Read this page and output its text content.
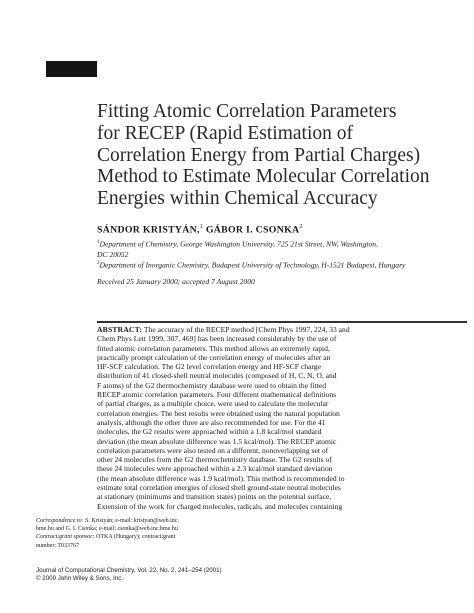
Fitting Atomic Correlation Parameters
for RECEP (Rapid Estimation of
Correlation Energy from Partial Charges)
Method to Estimate Molecular Correlation
Energies within Chemical Accuracy
SÁNDOR KRISTYÁN,$^1$ GÁBOR I. CSONKA$^2$
$^1$Department of Chemistry, George Washington University, 725 21st Street, NW, Washington,
DC 20052
$^2$Department of Inorganic Chemistry, Budapest University of Technology, H-1521 Budapest, Hungary
Received 25 January 2000; accepted 7 August 2000
ABSTRACT: The accuracy of the RECEP method [Chem Phys 1997, 224, 33 and
Chem Phys Lett 1999, 307, 469] has been increased considerably by the use of
fitted atomic correlation parameters. This method allows an extremely rapid,
practically prompt calculation of the correlation energy of molecules after an
HF-SCF calculation. The G2 level correlation energy and HF-SCF charge
distribution of 41 closed-shell neutral molecules (composed of H, C, N, O, and
F atoms) of the G2 thermochemistry database were used to obtain the fitted
RECEP atomic correlation parameters. Four different mathematical definitions
of partial charges, as a multiple choice, were used to calculate the molecular
correlation energies. The best results were obtained using the natural population
analysis, although the other three are also recommended for use. For the 41
molecules, the G2 results were approached within a 1.8 kcal/mol standard
deviation (the mean absolute difference was 1.5 kcal/mol). The RECEP atomic
correlation parameters were also tested on a different, nonoverlapping set of
other 24 molecules from the G2 thermochemistry database. The G2 results of
these 24 molecules were approached within a 2.3 kcal/mol standard deviation
(the mean absolute difference was 1.9 kcal/mol). This method is recommended to
estimate total correlation energies of closed shell ground-state neutral molecules
at stationary (minimums and transition states) points on the potential surface.
Extension of the work for charged molecules, radicals, and molecules containing
Correspondence to: S. Kristyán; e-mail: kristyan@web.inc.
bme.hu and G. I. Csonka; e-mail: csonka@web.inc.bme.hu
Contract/grant sponsor: OTKA (Hungary); contract/grant
number: T033767
Journal of Computational Chemistry, Vol. 22, No. 2, 241–254 (2001)
© 2000 John Wiley & Sons, Inc.
